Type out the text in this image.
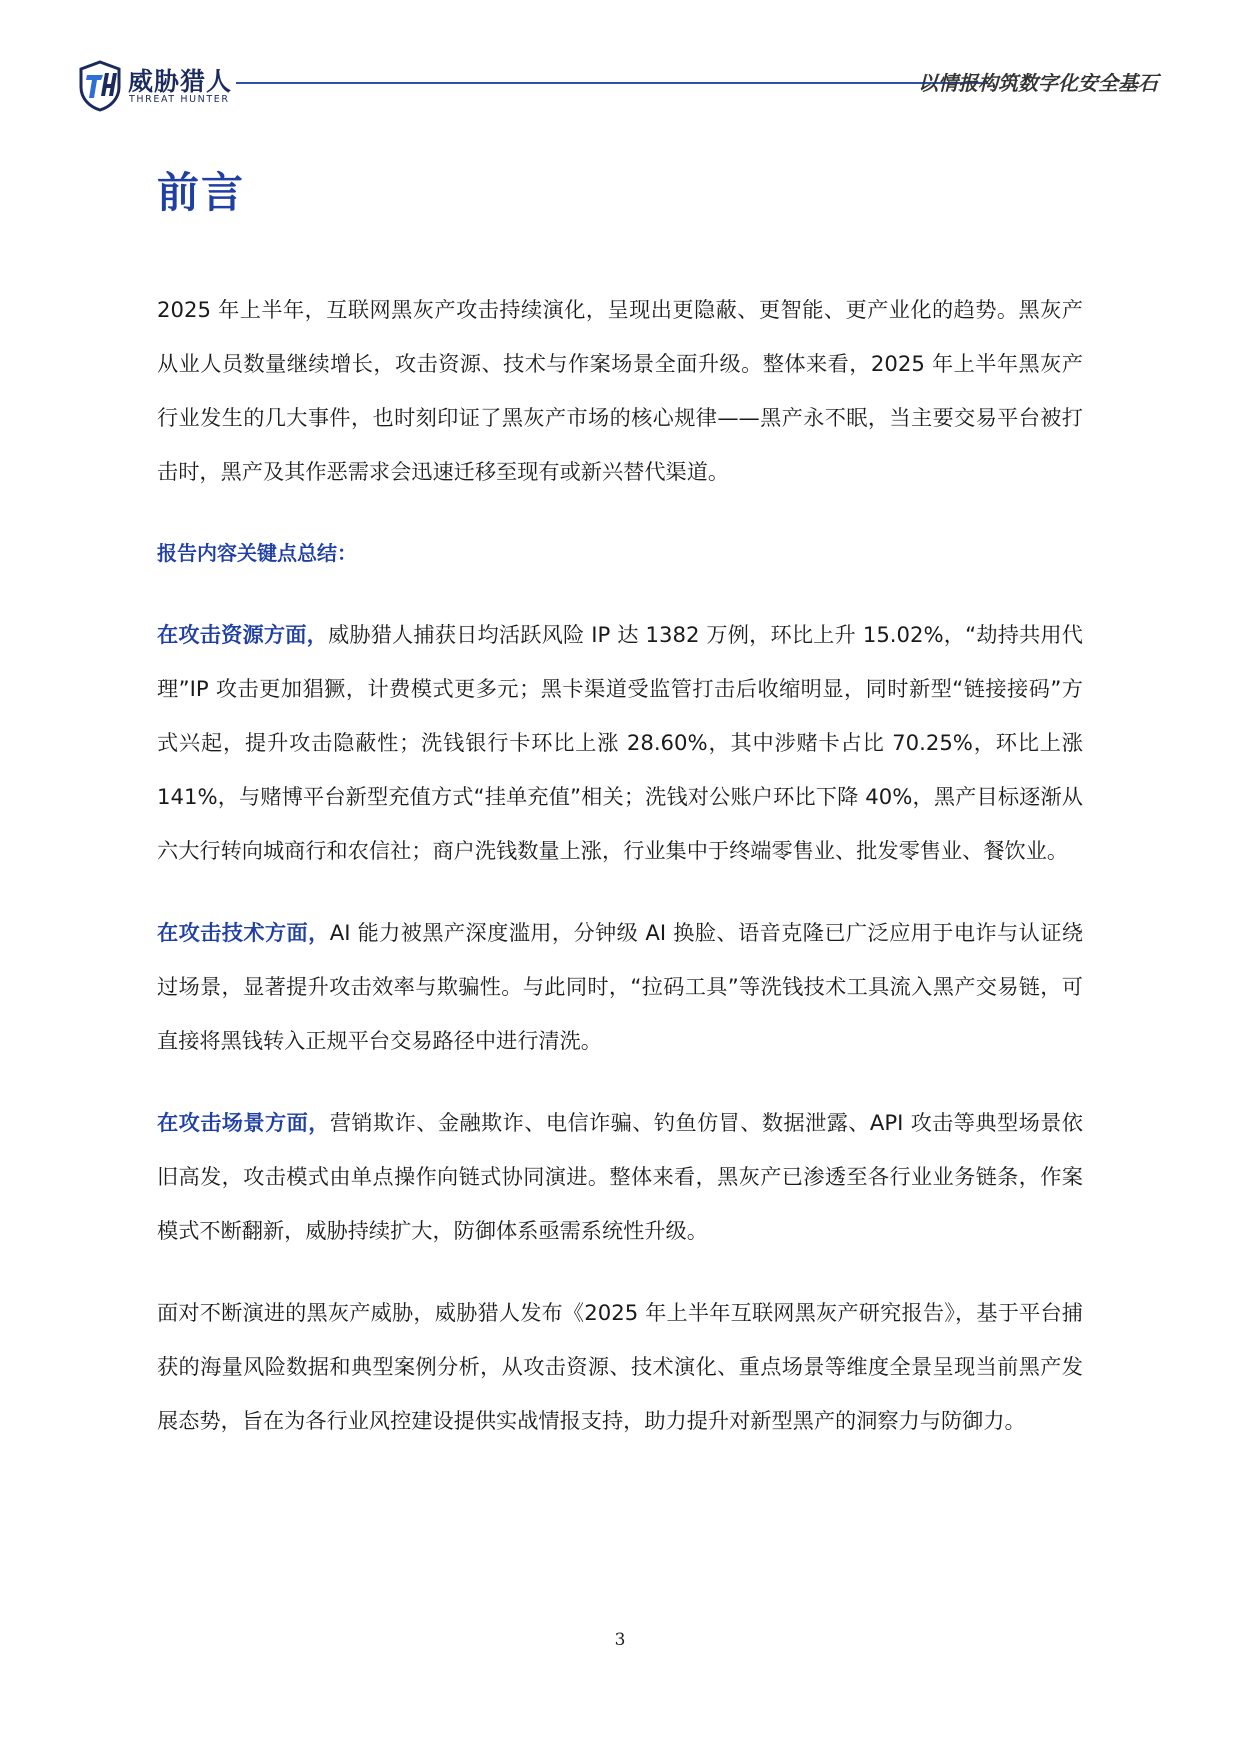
威胁猎人
THREAT HUNTER
以情报构筑数字化安全基石
前言

2025 年上半年，互联网黑灰产攻击持续演化，呈现出更隐蔽、更智能、更产业化的趋势。黑灰产从业人员数量继续增长，攻击资源、技术与作案场景全面升级。整体来看，2025 年上半年黑灰产行业发生的几大事件，也时刻印证了黑灰产市场的核心规律——黑产永不眠，当主要交易平台被打击时，黑产及其作恶需求会迅速迁移至现有或新兴替代渠道。

报告内容关键点总结：

在攻击资源方面，威胁猎人捕获日均活跃风险 IP 达 1382 万例，环比上升 15.02%，“劫持共用代理”IP 攻击更加猖獗，计费模式更多元；黑卡渠道受监管打击后收缩明显，同时新型“链接接码”方式兴起，提升攻击隐蔽性；洗钱银行卡环比上涨 28.60%，其中涉赌卡占比 70.25%，环比上涨 141%，与赌博平台新型充值方式“挂单充值”相关；洗钱对公账户环比下降 40%，黑产目标逐渐从六大行转向城商行和农信社；商户洗钱数量上涨，行业集中于终端零售业、批发零售业、餐饮业。

在攻击技术方面，AI 能力被黑产深度滥用，分钟级 AI 换脸、语音克隆已广泛应用于电诈与认证绕过场景，显著提升攻击效率与欺骗性。与此同时，“拉码工具”等洗钱技术工具流入黑产交易链，可直接将黑钱转入正规平台交易路径中进行清洗。

在攻击场景方面，营销欺诈、金融欺诈、电信诈骗、钓鱼仿冒、数据泄露、API 攻击等典型场景依旧高发，攻击模式由单点操作向链式协同演进。整体来看，黑灰产已渗透至各行业业务链条，作案模式不断翻新，威胁持续扩大，防御体系亟需系统性升级。

面对不断演进的黑灰产威胁，威胁猎人发布《2025 年上半年互联网黑灰产研究报告》，基于平台捕获的海量风险数据和典型案例分析，从攻击资源、技术演化、重点场景等维度全景呈现当前黑产发展态势，旨在为各行业风控建设提供实战情报支持，助力提升对新型黑产的洞察力与防御力。

3
